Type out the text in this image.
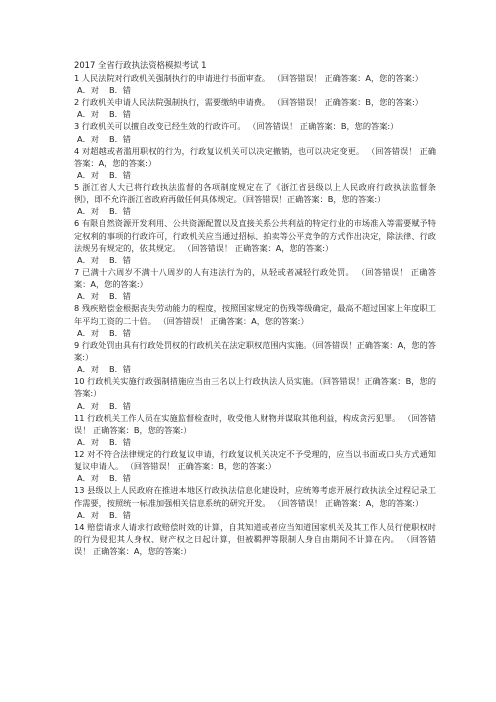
2017 全省行政执法资格模拟考试 1
1 人民法院对行政机关强制执行的申请进行书面审查。 （回答错误！ 正确答案：A，您的答案:）
A．对 B．错
2 行政机关申请人民法院强制执行，需要缴纳申请费。 （回答错误！ 正确答案：B，您的答案:）
A．对 B．错
3 行政机关可以擅自改变已经生效的行政许可。 （回答错误！ 正确答案：B，您的答案:）
A．对 B．错
4 对超越或者滥用职权的行为，行政复议机关可以决定撤销，也可以决定变更。 （回答错误！ 正确答案：A，您的答案:）
A．对 B．错
5 浙江省人大已将行政执法监督的各项制度规定在了《浙江省县级以上人民政府行政执法监督条例》，即不允许浙江省政府再做任何具体规定。（回答错误！正确答案：B，您的答案:）
A．对 B．错
6 有限自然资源开发利用、公共资源配置以及直接关系公共利益的特定行业的市场准入等需要赋予特定权利的事项的行政许可，行政机关应当通过招标、拍卖等公平竞争的方式作出决定，除法律、行政法规另有规定的，依其规定。 （回答错误！ 正确答案：A，您的答案:）
A．对 B．错
7 已满十六周岁不满十八周岁的人有违法行为的，从轻或者减轻行政处罚。 （回答错误！ 正确答案：A，您的答案:）
A．对 B．错
8 残疾赔偿金根据丧失劳动能力的程度，按照国家规定的伤残等级确定，最高不超过国家上年度职工年平均工资的二十倍。 （回答错误！ 正确答案：A，您的答案:）
A．对 B．错
9 行政处罚由具有行政处罚权的行政机关在法定职权范围内实施。（回答错误！正确答案：A，您的答案:）
A．对 B．错
10 行政机关实施行政强制措施应当由三名以上行政执法人员实施。（回答错误！正确答案：B，您的答案:）
A．对 B．错
11 行政机关工作人员在实施监督检查时，收受他人财物并谋取其他利益，构成贪污犯罪。 （回答错误！ 正确答案：B，您的答案:）
A．对 B．错
12 对不符合法律规定的行政复议申请，行政复议机关决定不予受理的，应当以书面或口头方式通知复议申请人。 （回答错误！ 正确答案：B，您的答案:）
A．对 B．错
13 县级以上人民政府在推进本地区行政执法信息化建设时，应统筹考虑开展行政执法全过程记录工作需要，按照统一标准加强相关信息系统的研究开发。 （回答错误！ 正确答案：A，您的答案:）
A．对 B．错
14 赔偿请求人请求行政赔偿时效的计算，自其知道或者应当知道国家机关及其工作人员行使职权时的行为侵犯其人身权、财产权之日起计算，但被羁押等限制人身自由期间不计算在内。 （回答错误！ 正确答案：A，您的答案:）
